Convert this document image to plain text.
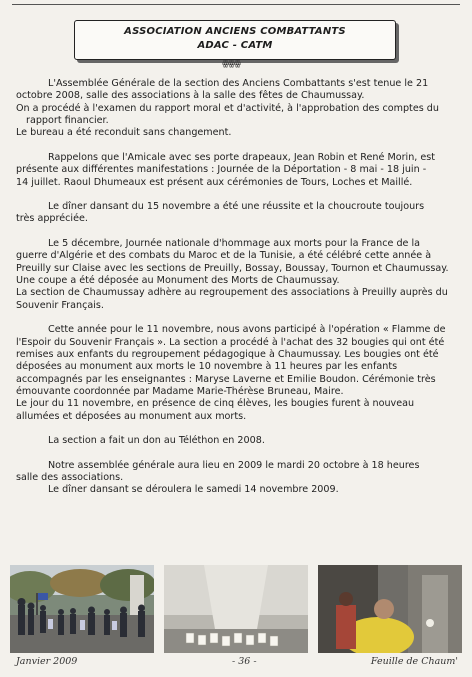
ASSOCIATION ANCIENS COMBATTANTS
ADAC - CATM
ꙮꙮꙮ
L'Assemblée Générale de la section des Anciens Combattants s'est tenue le 21
octobre 2008, salle des associations à la salle des fêtes de Chaumussay.
On a procédé à l'examen du rapport moral et d'activité, à l'approbation des comptes du
rapport financier.
Le bureau a été reconduit sans changement.
Rappelons que l'Amicale avec ses porte drapeaux, Jean Robin et René Morin, est
présente aux différentes manifestations : Journée de la Déportation - 8 mai - 18 juin -
14 juillet. Raoul Dhumeaux est présent aux cérémonies de Tours, Loches et Maillé.
Le dîner dansant du 15 novembre a été une réussite et la choucroute toujours
très appréciée.
Le 5 décembre, Journée nationale d'hommage aux morts pour la France de la
guerre d'Algérie et des combats du Maroc et de la Tunisie, a été célébré cette année à
Preuilly sur Claise avec les sections de Preuilly, Bossay, Boussay, Tournon et Chaumussay.
Une coupe a été déposée au Monument des Morts de Chaumussay.
La section de Chaumussay adhère au regroupement des associations à Preuilly auprès du
Souvenir Français.
Cette année pour le 11 novembre, nous avons participé à l'opération « Flamme de
l'Espoir du Souvenir Français ». La section a procédé à l'achat des 32 bougies qui ont été
remises aux enfants du regroupement pédagogique à Chaumussay. Les bougies ont été
déposées au monument aux morts le 10 novembre à 11 heures par les enfants
accompagnés par les enseignantes : Maryse Laverne et Emilie Boudon. Cérémonie très
émouvante coordonnée par Madame Marie-Thérèse Bruneau, Maire.
Le jour du 11 novembre, en présence de cinq élèves, les bougies furent à nouveau
allumées et déposées au monument aux morts.
La section a fait un don au Téléthon en 2008.
Notre assemblée générale aura lieu en 2009 le mardi 20 octobre à 18 heures
salle des associations.
Le dîner dansant se déroulera le samedi 14 novembre 2009.
Janvier 2009	- 36 -	Feuille de Chaum'
